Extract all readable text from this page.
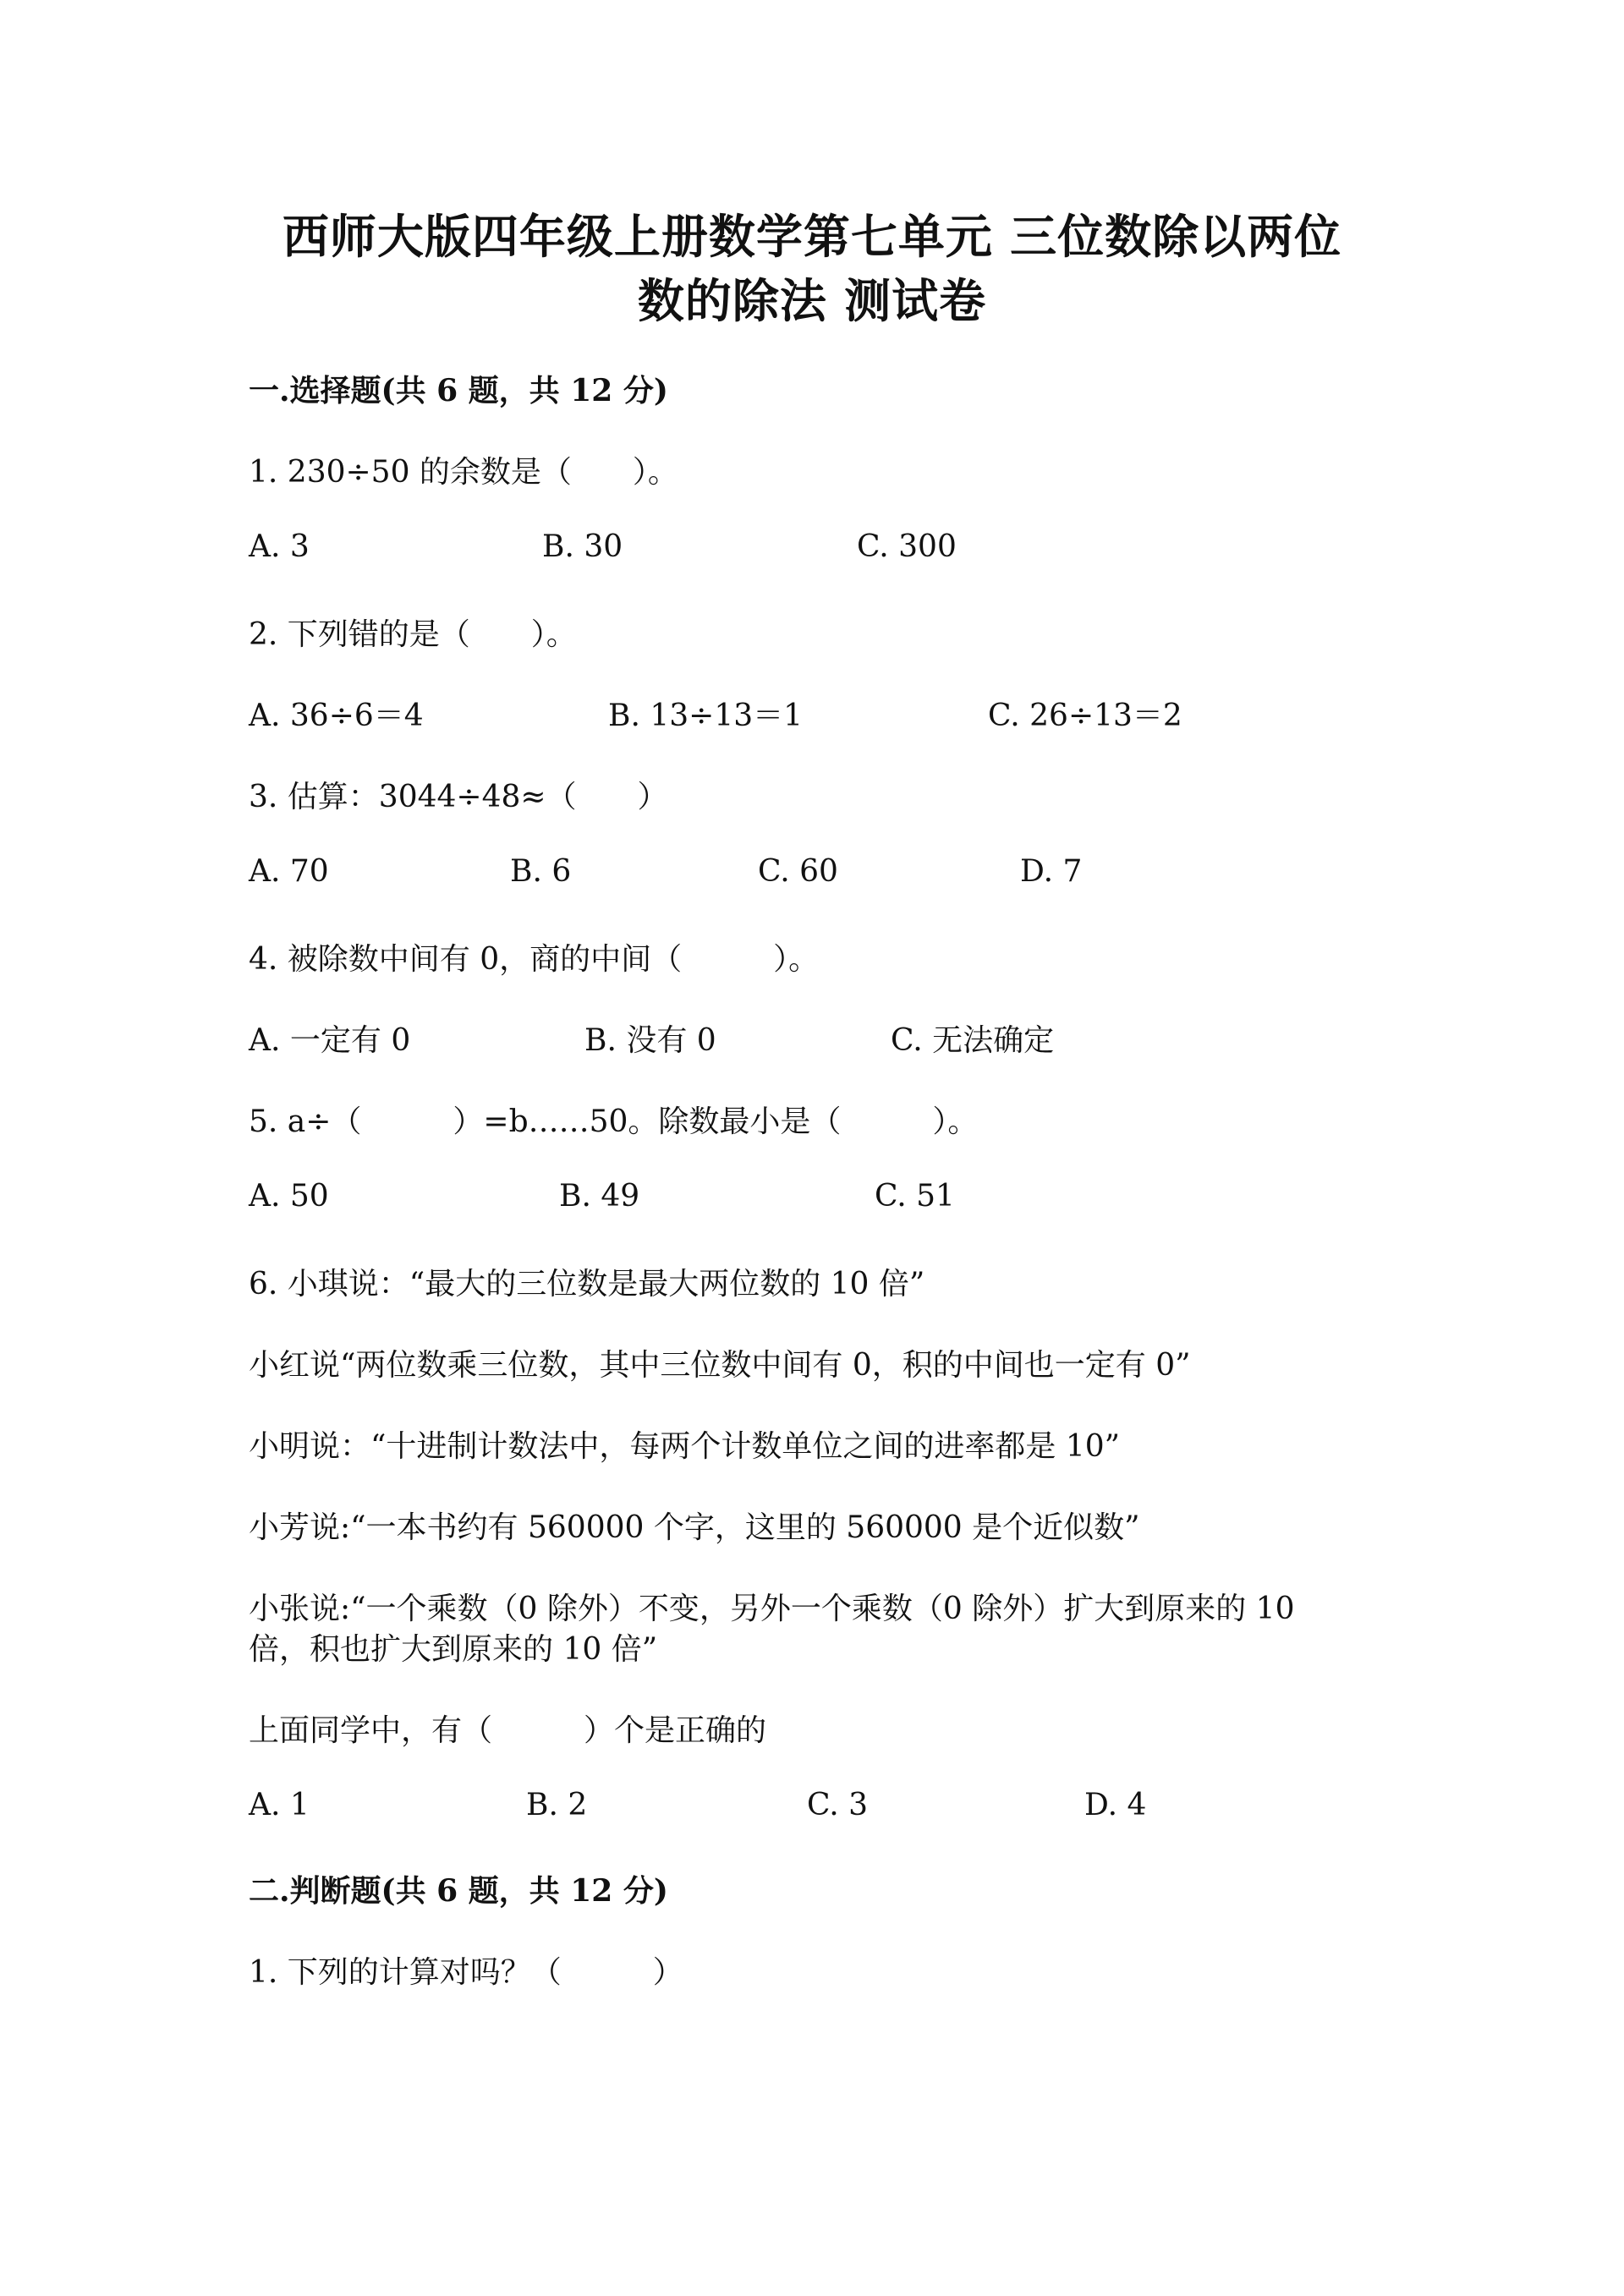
西师大版四年级上册数学第七单元 三位数除以两位
数的除法 测试卷
一.选择题(共 6 题，共 12 分)
1. 230÷50 的余数是（　　）。
A. 3	B. 30	C. 300
2. 下列错的是（　　）。
A. 36÷6＝4	B. 13÷13＝1	C. 26÷13＝2
3. 估算：3044÷48≈（　　）
A. 70	B. 6	C. 60	D. 7
4. 被除数中间有 0，商的中间（　　　）。
A. 一定有 0	B. 没有 0	C. 无法确定
5. a÷（　　　）=b……50。除数最小是（　　　）。
A. 50	B. 49	C. 51
6. 小琪说：“最大的三位数是最大两位数的 10 倍”
小红说“两位数乘三位数，其中三位数中间有 0，积的中间也一定有 0”
小明说：“十进制计数法中，每两个计数单位之间的进率都是 10”
小芳说:“一本书约有 560000 个字，这里的 560000 是个近似数”
小张说:“一个乘数（0 除外）不变，另外一个乘数（0 除外）扩大到原来的 10
倍，积也扩大到原来的 10 倍”
上面同学中，有（　　　）个是正确的
A. 1	B. 2	C. 3	D. 4
二.判断题(共 6 题，共 12 分)
1. 下列的计算对吗？（　　　）
